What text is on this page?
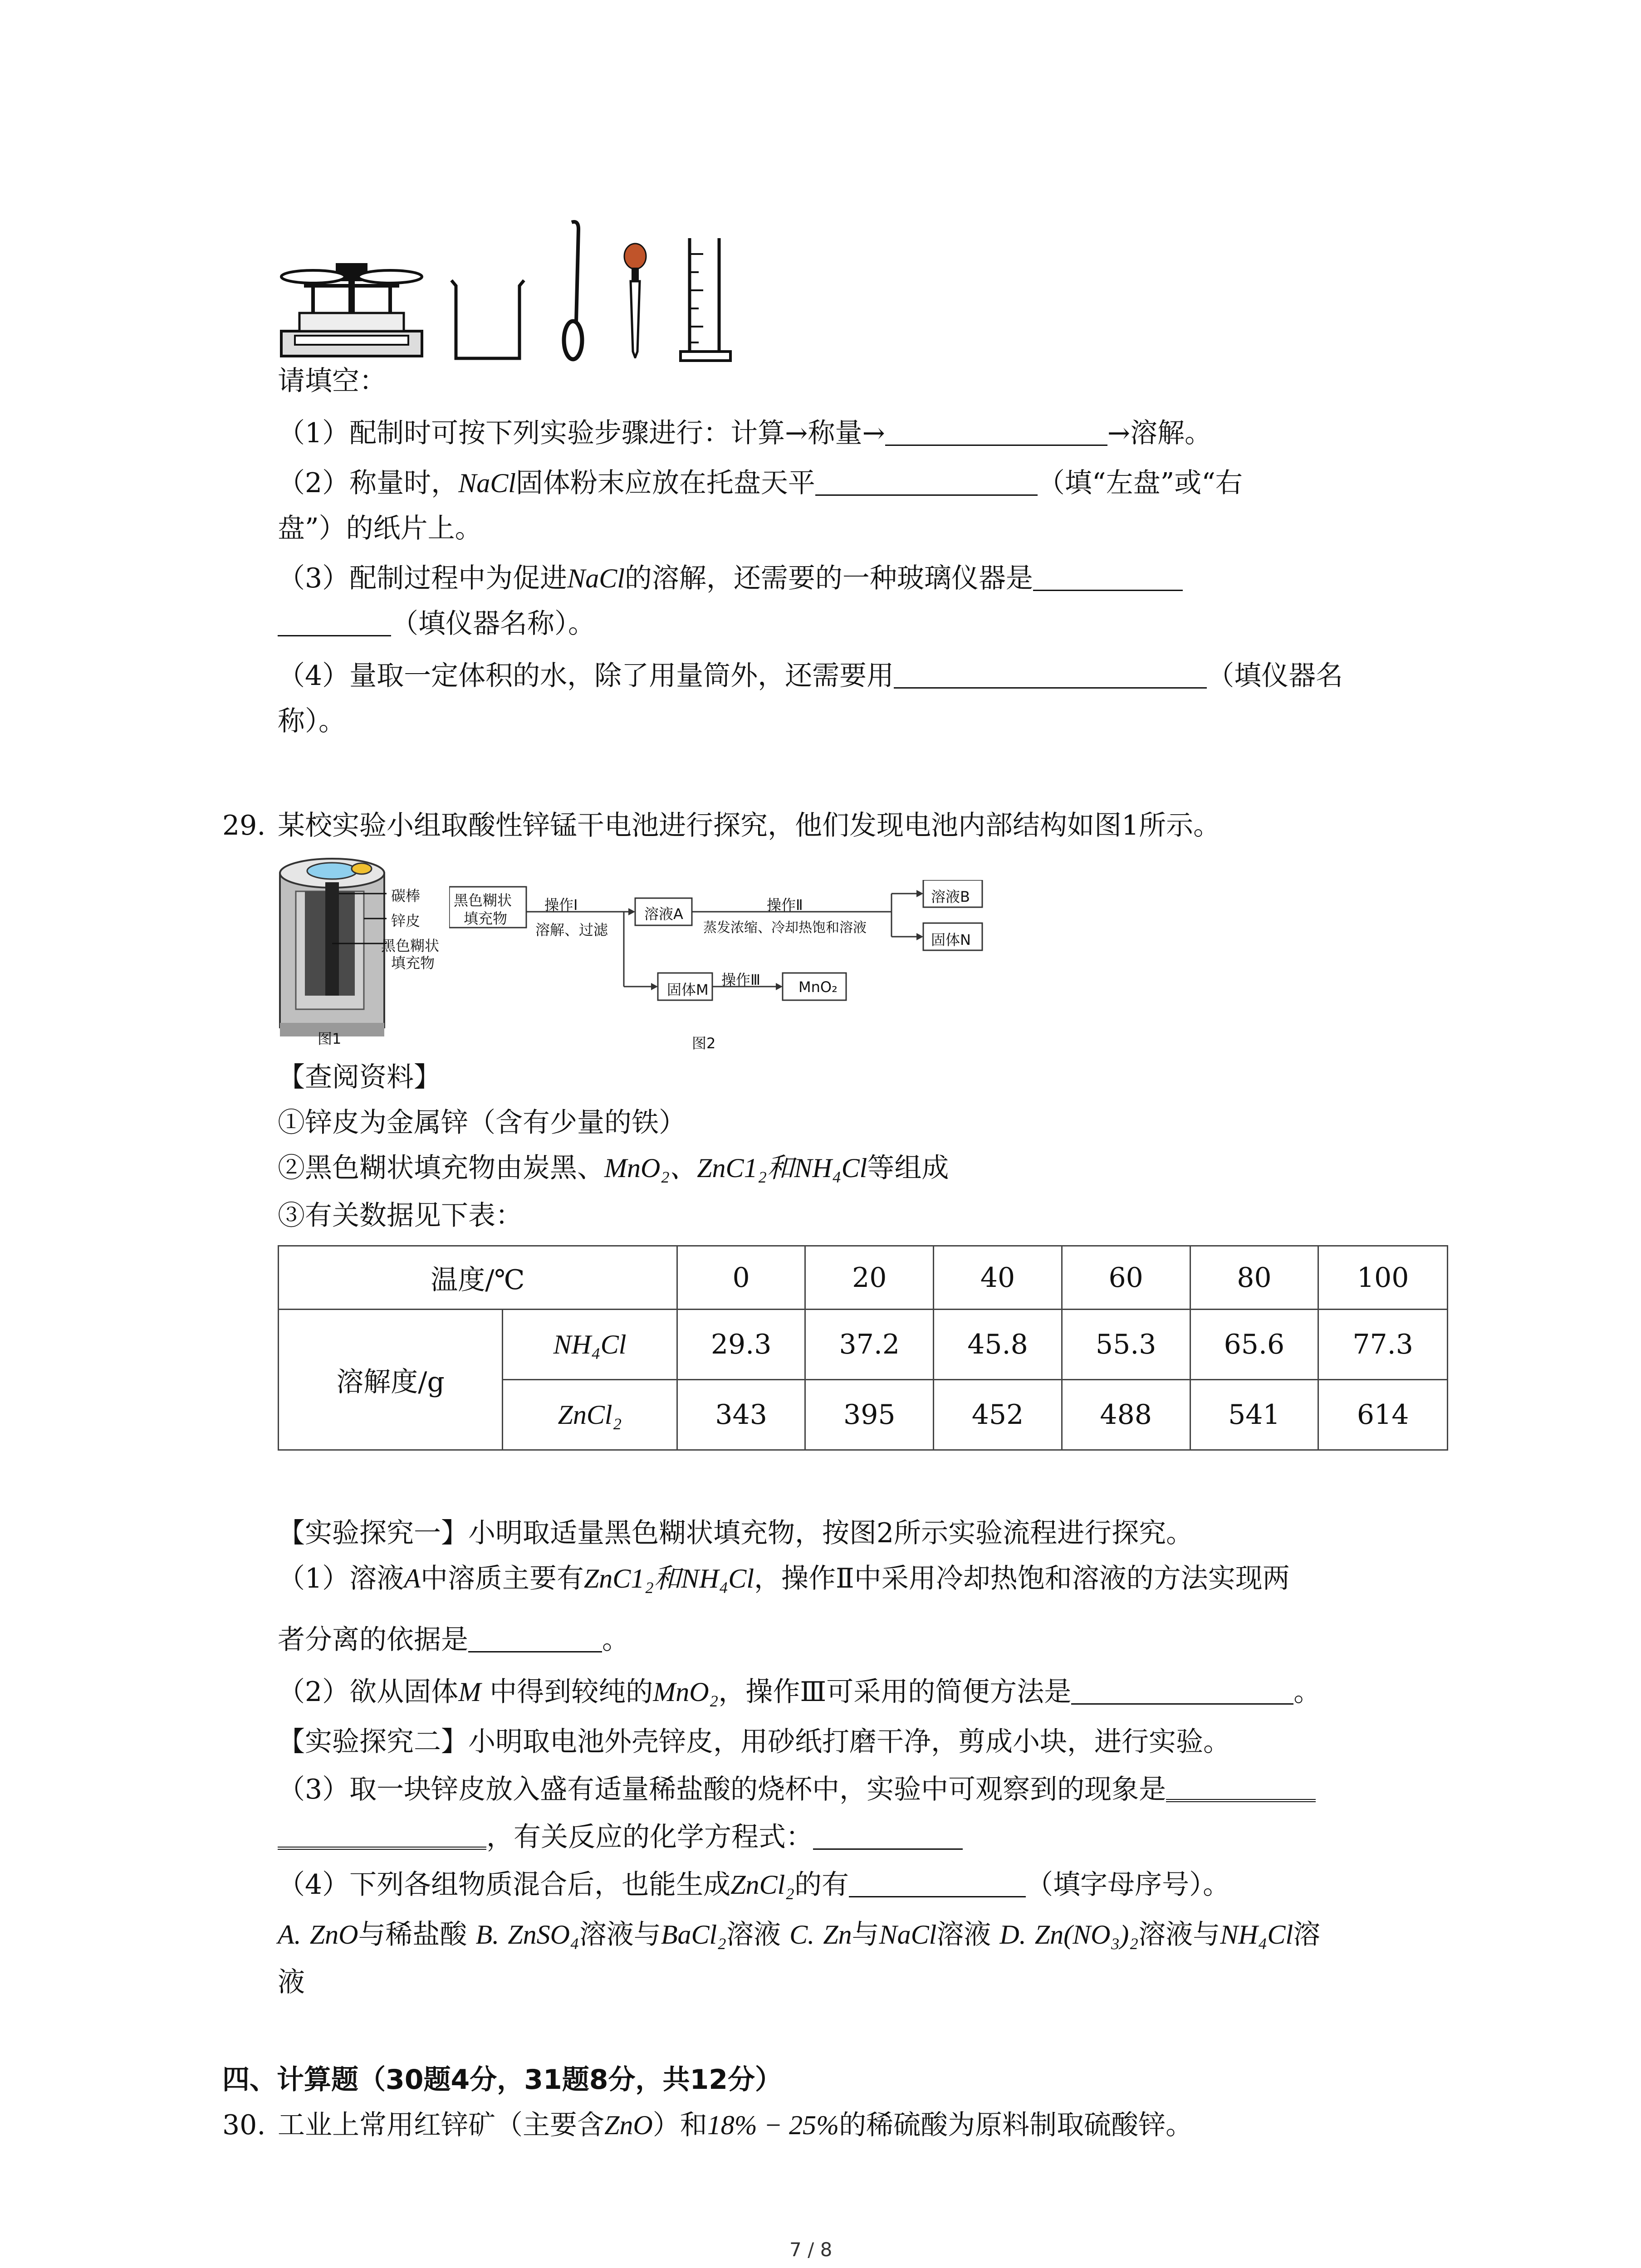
请填空：
（1）配制时可按下列实验步骤进行：计算→称量→	→溶解。
（2）称量时，NaCl固体粉末应放在托盘天平	（填“左盘”或“右
盘”）的纸片上。
（3）配制过程中为促进NaCl的溶解，还需要的一种玻璃仪器是
（填仪器名称）。
（4）量取一定体积的水，除了用量筒外，还需要用	（填仪器名
称）。
29. 某校实验小组取酸性锌锰干电池进行探究，他们发现电池内部结构如图1所示。
碳棒
锌皮
黑色糊状
填充物
图1
黑色糊状
填充物
操作Ⅰ
溶解、过滤
溶液A
操作Ⅱ
蒸发浓缩、冷却热饱和溶液
溶液B
固体N
固体M
操作Ⅲ	MnO₂
图2
【查阅资料】
①锌皮为金属锌（含有少量的铁）
②黑色糊状填充物由炭黑、MnO₂、ZnC1₂和NH₄Cl等组成
③有关数据见下表：
温度/℃		0	20	40	60	80	100
溶解度/g	NH₄Cl	29.3	37.2	45.8	55.3	65.6	77.3
	ZnCl₂	343	395	452	488	541	614
【实验探究一】小明取适量黑色糊状填充物，按图2所示实验流程进行探究。
（1）溶液A中溶质主要有ZnC1₂和NH₄Cl，操作Ⅱ中采用冷却热饱和溶液的方法实现两
者分离的依据是	。
（2）欲从固体M 中得到较纯的MnO₂，操作Ⅲ可采用的简便方法是	。
【实验探究二】小明取电池外壳锌皮，用砂纸打磨干净，剪成小块，进行实验。
（3）取一块锌皮放入盛有适量稀盐酸的烧杯中，实验中可观察到的现象是
，有关反应的化学方程式：
（4）下列各组物质混合后，也能生成ZnCl₂的有	（填字母序号）。
A. ZnO与稀盐酸 B. ZnSO₄溶液与BaCl₂溶液 C. Zn与NaCl溶液 D. Zn(NO₃)₂溶液与NH₄Cl溶
液
四、计算题（30题4分，31题8分，共12分）
30. 工业上常用红锌矿（主要含ZnO）和18% − 25%的稀硫酸为原料制取硫酸锌。
7 / 8
